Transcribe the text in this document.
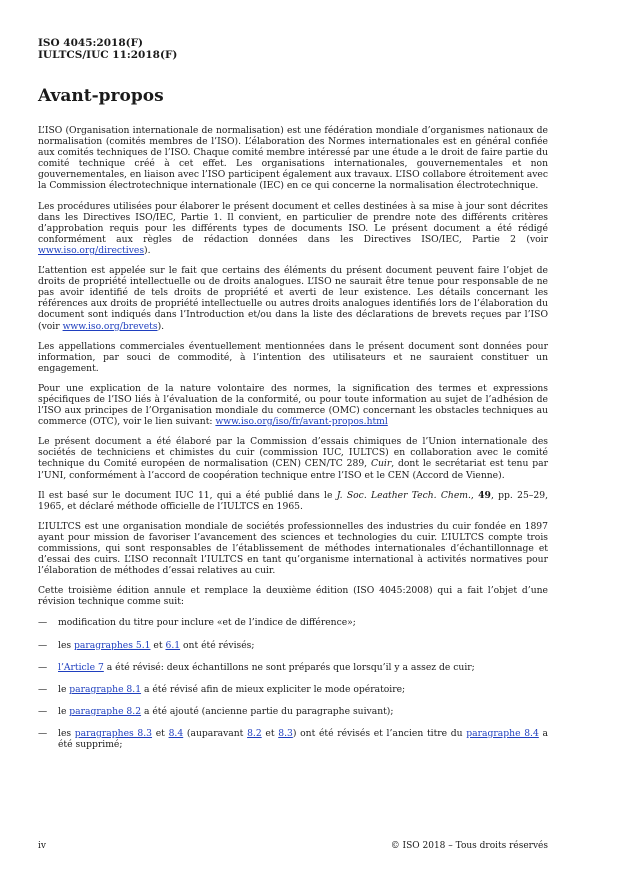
ISO 4045:2018(F)
IULTCS/IUC 11:2018(F)
Avant-propos

L’ISO (Organisation internationale de normalisation) est une fédération mondiale d’organismes nationaux de normalisation (comités membres de l’ISO). L’élaboration des Normes internationales est en général confiée aux comités techniques de l’ISO. Chaque comité membre intéressé par une étude a le droit de faire partie du comité technique créé à cet effet. Les organisations internationales, gouvernementales et non gouvernementales, en liaison avec l’ISO participent également aux travaux. L’ISO collabore étroitement avec la Commission électrotechnique internationale (IEC) en ce qui concerne la normalisation électrotechnique.

Les procédures utilisées pour élaborer le présent document et celles destinées à sa mise à jour sont décrites dans les Directives ISO/IEC, Partie 1. Il convient, en particulier de prendre note des différents critères d’approbation requis pour les différents types de documents ISO. Le présent document a été rédigé conformément aux règles de rédaction données dans les Directives ISO/IEC, Partie 2 (voir www.iso.org/directives).

L’attention est appelée sur le fait que certains des éléments du présent document peuvent faire l’objet de droits de propriété intellectuelle ou de droits analogues. L’ISO ne saurait être tenue pour responsable de ne pas avoir identifié de tels droits de propriété et averti de leur existence. Les détails concernant les références aux droits de propriété intellectuelle ou autres droits analogues identifiés lors de l’élaboration du document sont indiqués dans l’Introduction et/ou dans la liste des déclarations de brevets reçues par l’ISO (voir www.iso.org/brevets).

Les appellations commerciales éventuellement mentionnées dans le présent document sont données pour information, par souci de commodité, à l’intention des utilisateurs et ne sauraient constituer un engagement.

Pour une explication de la nature volontaire des normes, la signification des termes et expressions spécifiques de l’ISO liés à l’évaluation de la conformité, ou pour toute information au sujet de l’adhésion de l’ISO aux principes de l’Organisation mondiale du commerce (OMC) concernant les obstacles techniques au commerce (OTC), voir le lien suivant: www.iso.org/iso/fr/avant-propos.html

Le présent document a été élaboré par la Commission d’essais chimiques de l’Union internationale des sociétés de techniciens et chimistes du cuir (commission IUC, IULTCS) en collaboration avec le comité technique du Comité européen de normalisation (CEN) CEN/TC 289, Cuir, dont le secrétariat est tenu par l’UNI, conformément à l’accord de coopération technique entre l’ISO et le CEN (Accord de Vienne).

Il est basé sur le document IUC 11, qui a été publié dans le J. Soc. Leather Tech. Chem., 49, pp. 25–29, 1965, et déclaré méthode officielle de l’IULTCS en 1965.

L’IULTCS est une organisation mondiale de sociétés professionnelles des industries du cuir fondée en 1897 ayant pour mission de favoriser l’avancement des sciences et technologies du cuir. L’IULTCS compte trois commissions, qui sont responsables de l’établissement de méthodes internationales d’échantillonnage et d’essai des cuirs. L’ISO reconnaît l’IULTCS en tant qu’organisme international à activités normatives pour l’élaboration de méthodes d’essai relatives au cuir.

Cette troisième édition annule et remplace la deuxième édition (ISO 4045:2008) qui a fait l’objet d’une révision technique comme suit:

—	modification du titre pour inclure «et de l’indice de différence»;
—	les paragraphes 5.1 et 6.1 ont été révisés;
—	l’Article 7 a été révisé: deux échantillons ne sont préparés que lorsqu’il y a assez de cuir;
—	le paragraphe 8.1 a été révisé afin de mieux expliciter le mode opératoire;
—	le paragraphe 8.2 a été ajouté (ancienne partie du paragraphe suivant);
—	les paragraphes 8.3 et 8.4 (auparavant 8.2 et 8.3) ont été révisés et l’ancien titre du paragraphe 8.4 a été supprimé;
iv	© ISO 2018 – Tous droits réservés
